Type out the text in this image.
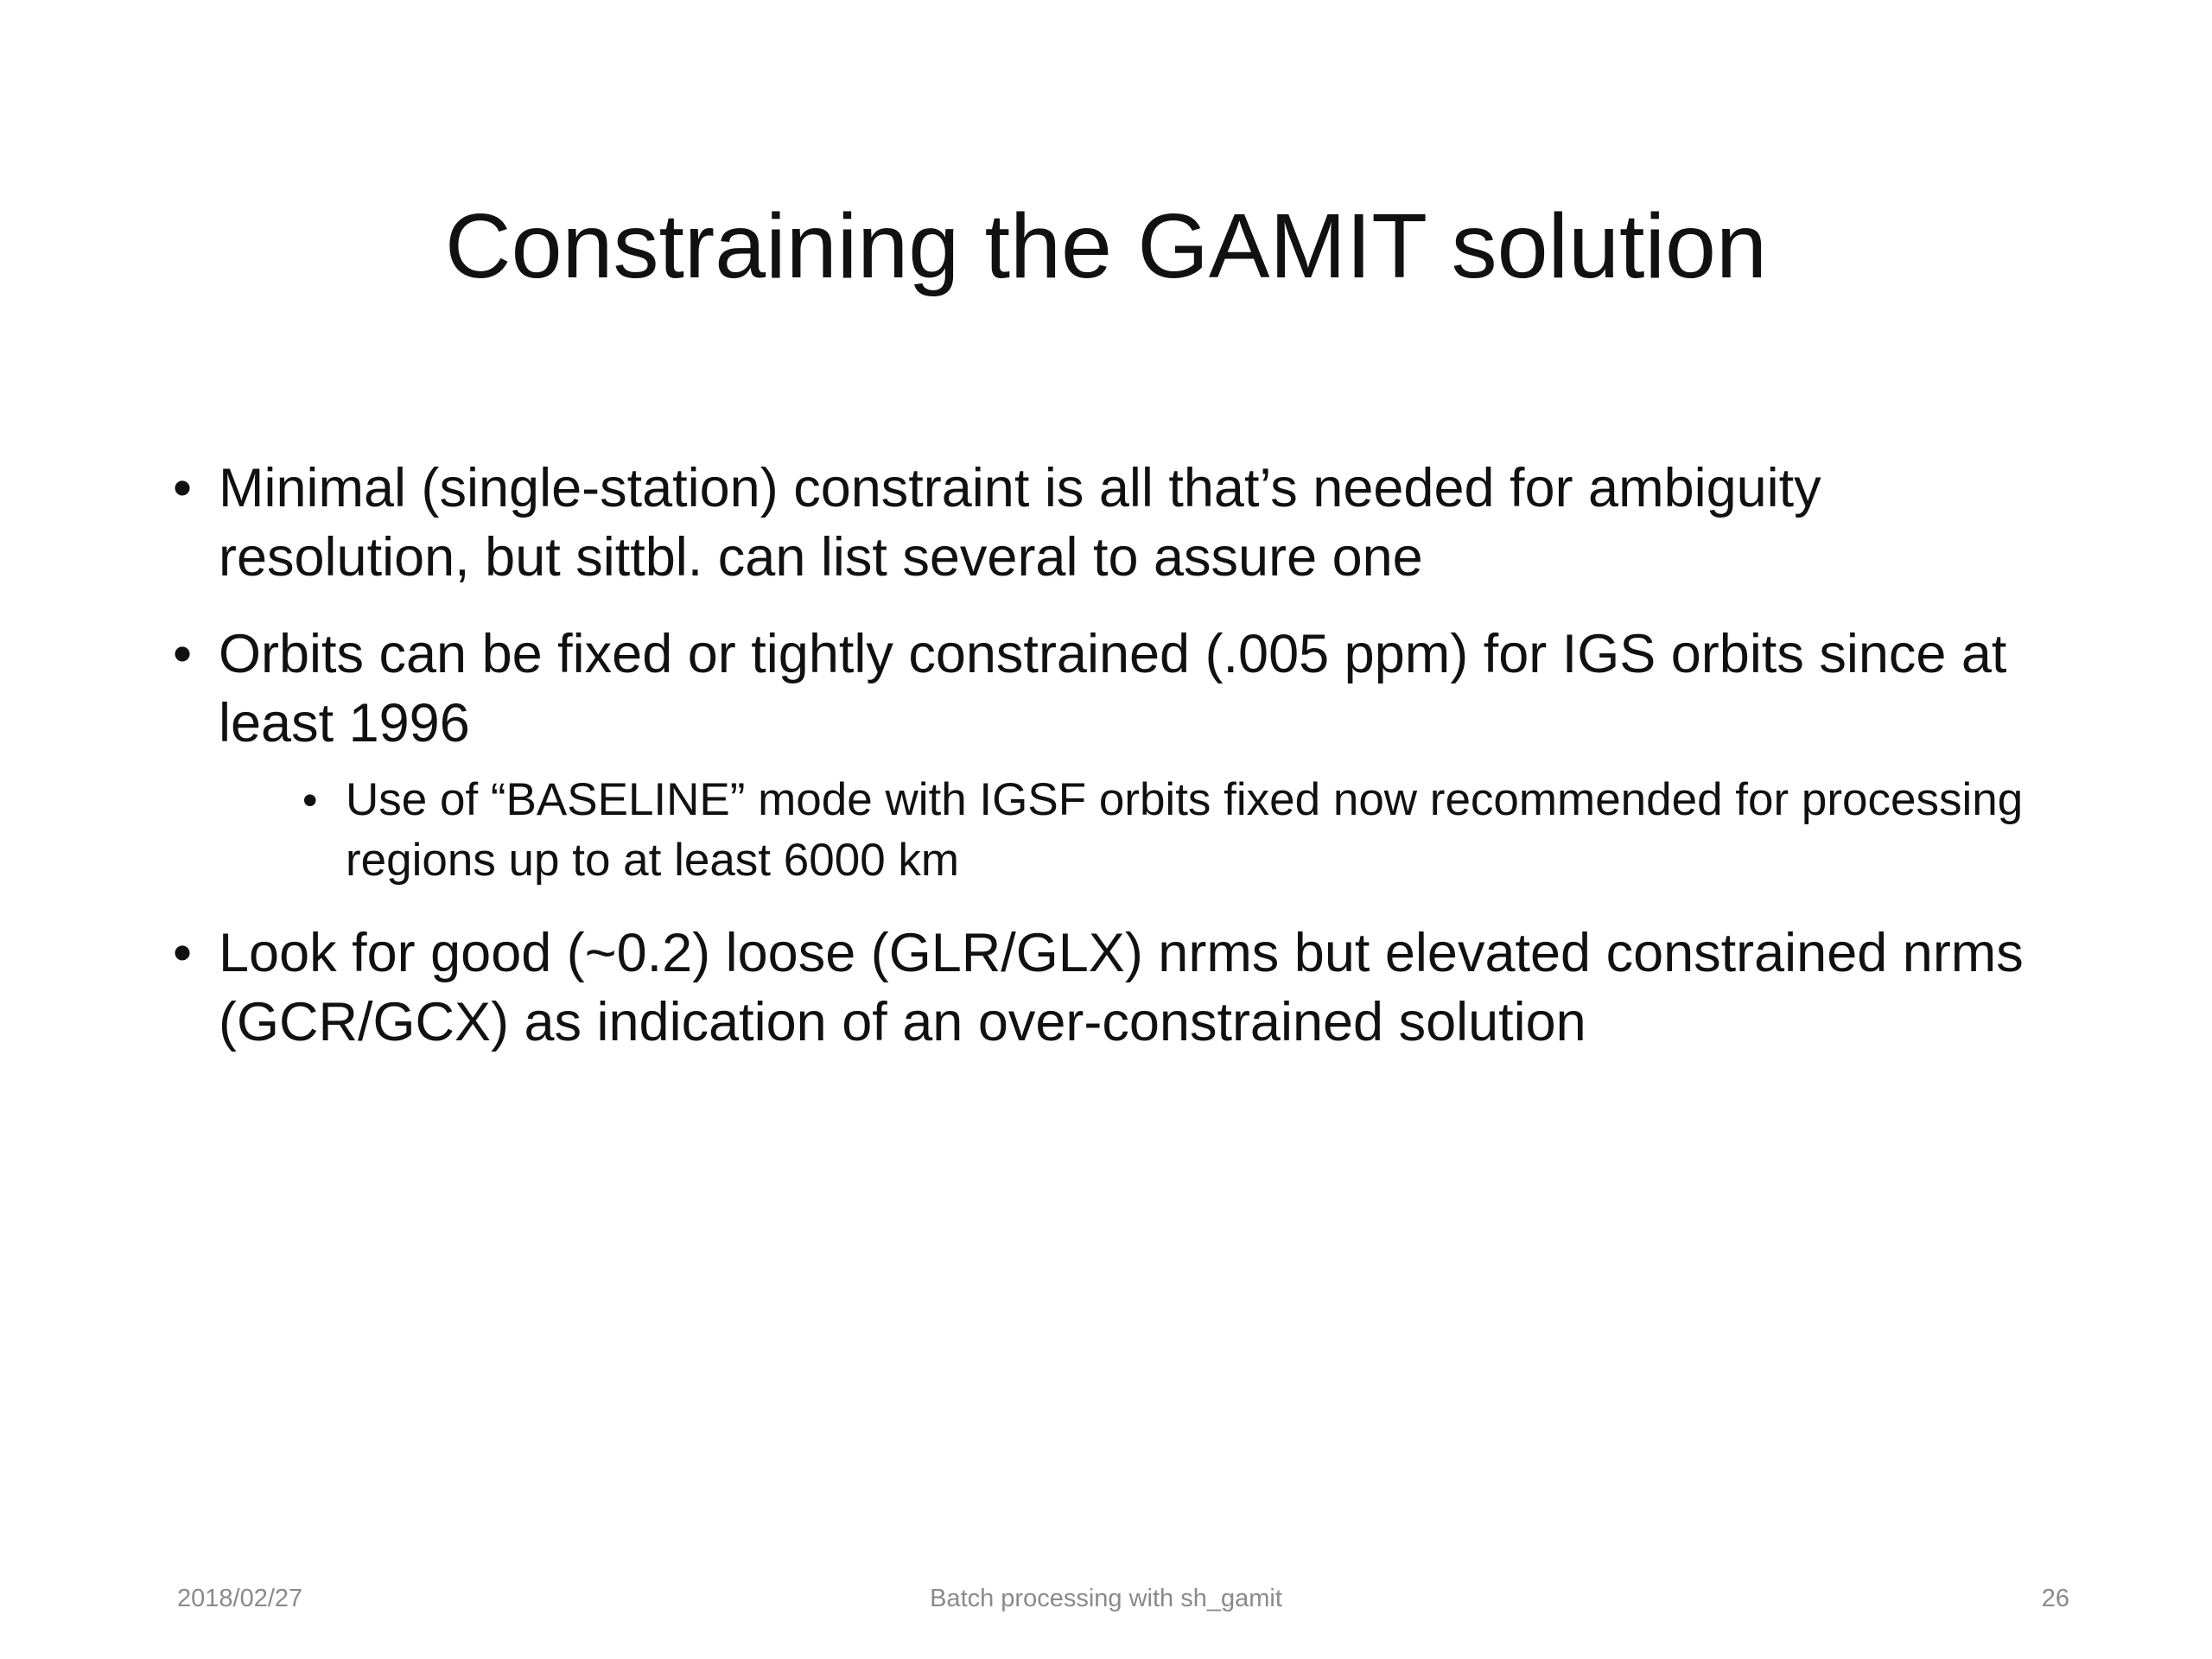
Constraining the GAMIT solution
• Minimal (single-station) constraint is all that’s needed for ambiguity resolution, but sittbl. can list several to assure one
• Orbits can be fixed or tightly constrained (.005 ppm) for IGS orbits since at least 1996
• Use of “BASELINE” mode with IGSF orbits fixed now recommended for processing regions up to at least 6000 km
• Look for good (~0.2) loose (GLR/GLX) nrms but elevated constrained nrms (GCR/GCX) as indication of an over-constrained solution
2018/02/27	Batch processing with sh_gamit	26
